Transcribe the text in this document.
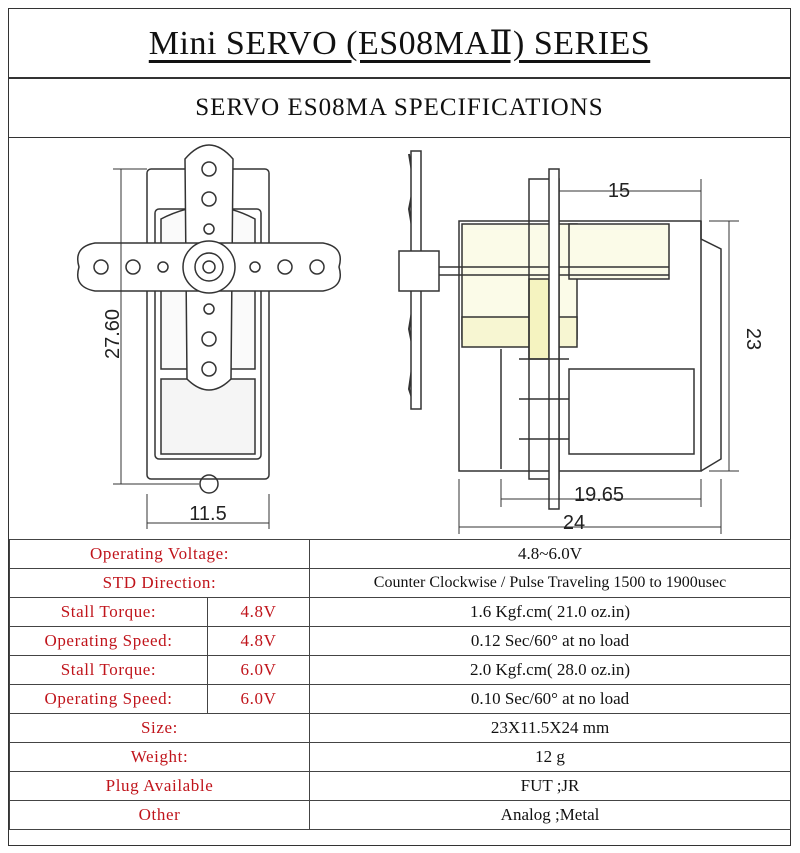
Mini SERVO (ES08MAⅡ) SERIES
SERVO ES08MA SPECIFICATIONS
27.60
11.5
15
23
19.65
24
Operating Voltage:		4.8~6.0V
STD Direction:		Counter Clockwise / Pulse Traveling 1500 to 1900usec
Stall Torque:	4.8V	1.6 Kgf.cm( 21.0 oz.in)
Operating Speed:	4.8V	0.12 Sec/60° at no load
Stall Torque:	6.0V	2.0 Kgf.cm( 28.0 oz.in)
Operating Speed:	6.0V	0.10 Sec/60° at no load
Size:		23X11.5X24 mm
Weight:		12 g
Plug Available		FUT ;JR
Other		Analog ;Metal
